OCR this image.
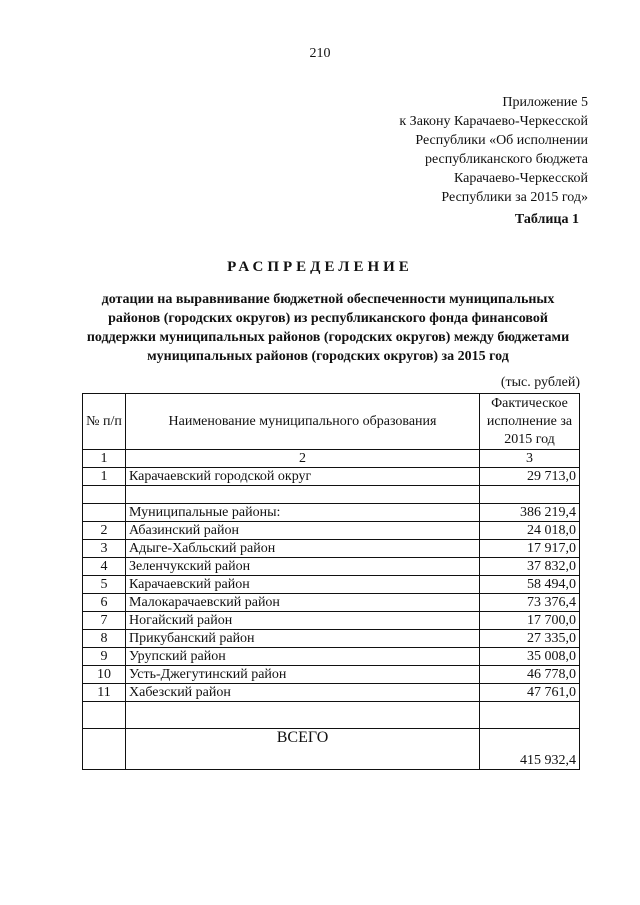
210
Приложение 5
к Закону Карачаево-Черкесской
Республики «Об исполнении
республиканского бюджета
Карачаево-Черкесской
Республики за 2015 год»
Таблица 1
РАСПРЕДЕЛЕНИЕ
дотации на выравнивание бюджетной обеспеченности муниципальных районов (городских округов) из республиканского фонда финансовой поддержки муниципальных районов (городских округов) между бюджетами муниципальных районов (городских округов) за 2015 год
(тыс. рублей)
№ п/п	Наименование муниципального образования	Фактическое исполнение за 2015 год
1	2	3
1	Карачаевский городской округ	29 713,0

	Муниципальные районы:	386 219,4
2	Абазинский район	24 018,0
3	Адыге-Хабльский район	17 917,0
4	Зеленчукский район	37 832,0
5	Карачаевский район	58 494,0
6	Малокарачаевский район	73 376,4
7	Ногайский район	17 700,0
8	Прикубанский район	27 335,0
9	Урупский район	35 008,0
10	Усть-Джегутинский район	46 778,0
11	Хабезский район	47 761,0

	ВСЕГО	415 932,4
